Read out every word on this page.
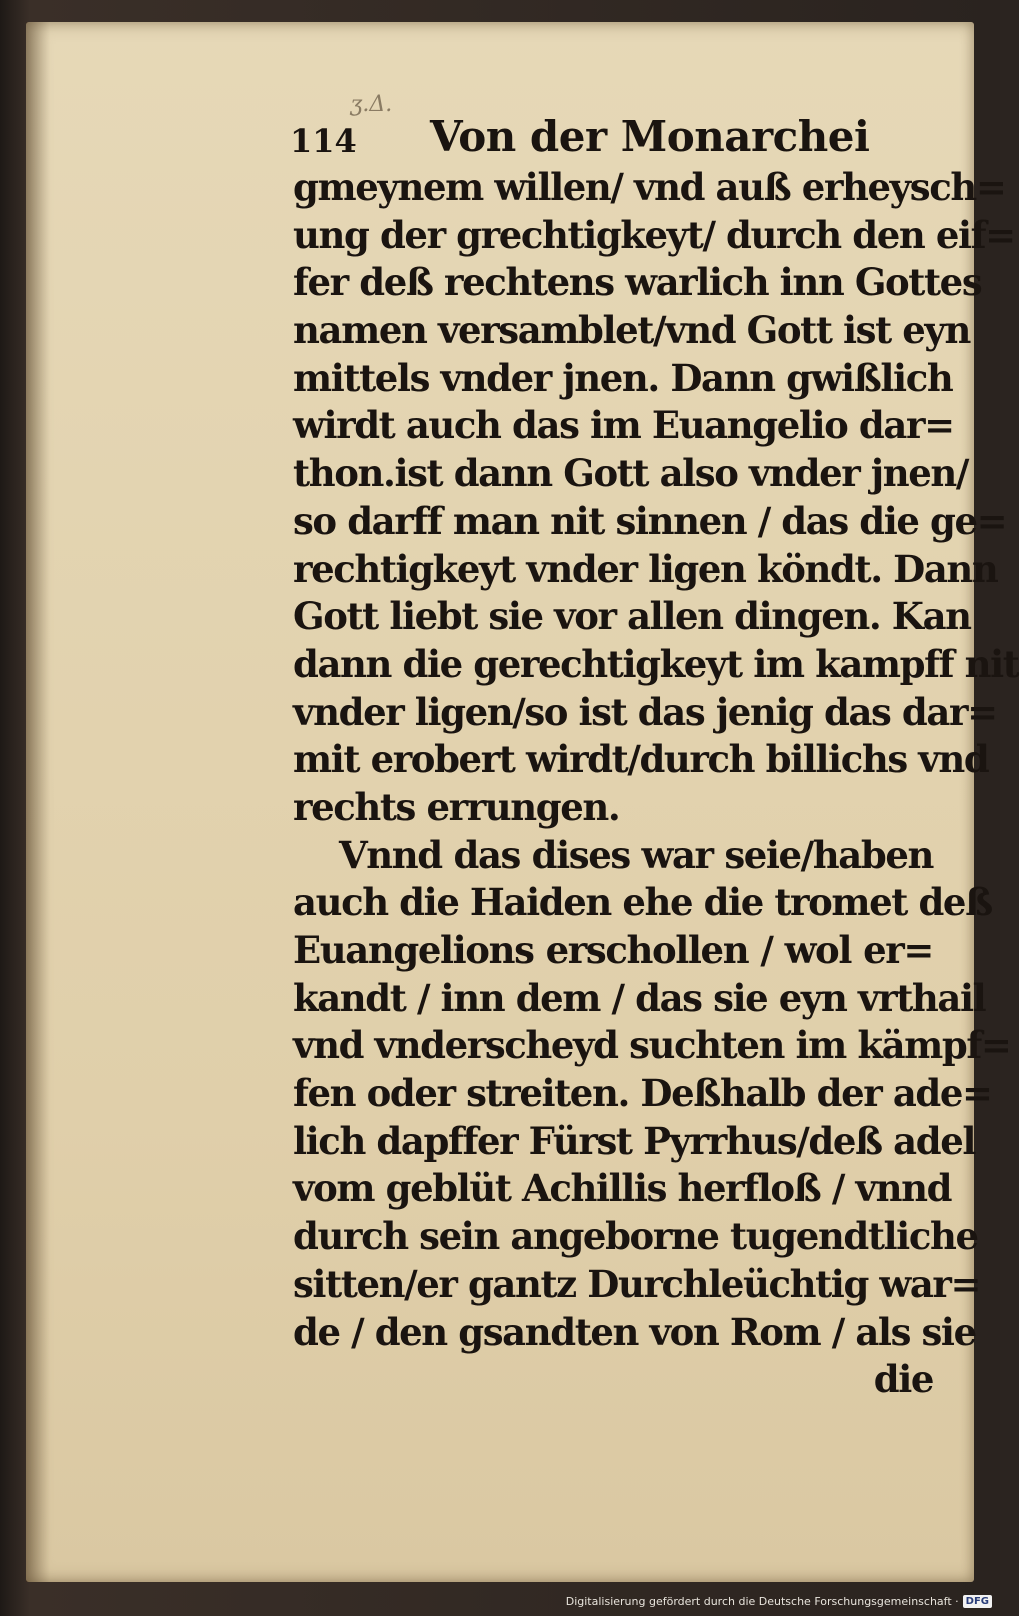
ʒ.Δ.
114 Von der Monarchei
gmeynem willen/ vnd auß erheysch=
ung der grechtigkeyt/ durch den eif=
fer deß rechtens warlich inn Gottes
namen versamblet/vnd Gott ist eyn
mittels vnder jnen. Dann gwißlich
wirdt auch das im Euangelio dar=
thon.ist dann Gott also vnder jnen/
so darff man nit sinnen / das die ge=
rechtigkeyt vnder ligen köndt. Dann
Gott liebt sie vor allen dingen. Kan
dann die gerechtigkeyt im kampff nit
vnder ligen/so ist das jenig das dar=
mit erobert wirdt/durch billichs vnd
rechts errungen.
Vnnd das dises war seie/haben
auch die Haiden ehe die tromet deß
Euangelions erschollen / wol er=
kandt / inn dem / das sie eyn vrthail
vnd vnderscheyd suchten im kämpf=
fen oder streiten. Deßhalb der ade=
lich dapffer Fürst Pyrrhus/deß adel
vom geblüt Achillis herfloß / vnnd
durch sein angeborne tugendtliche
sitten/er gantz Durchleüchtig war=
de / den gsandten von Rom / als sie
die
Digitalisierung gefördert durch die Deutsche Forschungsgemeinschaft · DFG
